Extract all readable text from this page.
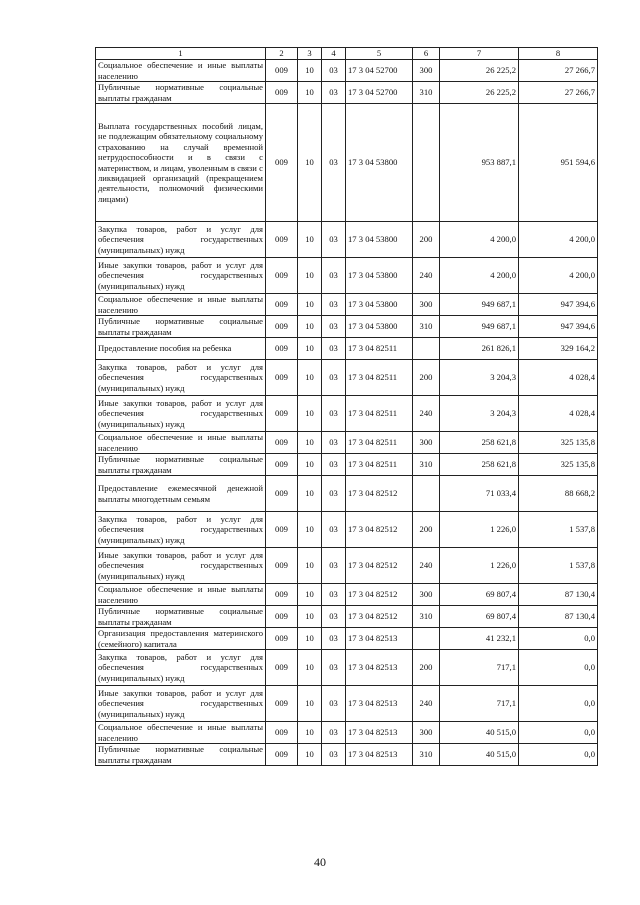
1	2	3	4	5	6	7	8
Социальное обеспечение и иные выплаты населению	009	10	03	17 3 04 52700	300	26 225,2	27 266,7
Публичные нормативные социальные выплаты гражданам	009	10	03	17 3 04 52700	310	26 225,2	27 266,7
Выплата государственных пособий лицам, не подлежащим обязательному социальному страхованию на случай временной нетрудоспособности и в связи с материнством, и лицам, уволенным в связи с ликвидацией организаций (прекращением деятельности, полномочий физическими лицами)	009	10	03	17 3 04 53800		953 887,1	951 594,6
Закупка товаров, работ и услуг для обеспечения государственных (муниципальных) нужд	009	10	03	17 3 04 53800	200	4 200,0	4 200,0
Иные закупки товаров, работ и услуг для обеспечения государственных (муниципальных) нужд	009	10	03	17 3 04 53800	240	4 200,0	4 200,0
Социальное обеспечение и иные выплаты населению	009	10	03	17 3 04 53800	300	949 687,1	947 394,6
Публичные нормативные социальные выплаты гражданам	009	10	03	17 3 04 53800	310	949 687,1	947 394,6
Предоставление пособия на ребенка	009	10	03	17 3 04 82511		261 826,1	329 164,2
Закупка товаров, работ и услуг для обеспечения государственных (муниципальных) нужд	009	10	03	17 3 04 82511	200	3 204,3	4 028,4
Иные закупки товаров, работ и услуг для обеспечения государственных (муниципальных) нужд	009	10	03	17 3 04 82511	240	3 204,3	4 028,4
Социальное обеспечение и иные выплаты населению	009	10	03	17 3 04 82511	300	258 621,8	325 135,8
Публичные нормативные социальные выплаты гражданам	009	10	03	17 3 04 82511	310	258 621,8	325 135,8
Предоставление ежемесячной денежной выплаты многодетным семьям	009	10	03	17 3 04 82512		71 033,4	88 668,2
Закупка товаров, работ и услуг для обеспечения государственных (муниципальных) нужд	009	10	03	17 3 04 82512	200	1 226,0	1 537,8
Иные закупки товаров, работ и услуг для обеспечения государственных (муниципальных) нужд	009	10	03	17 3 04 82512	240	1 226,0	1 537,8
Социальное обеспечение и иные выплаты населению	009	10	03	17 3 04 82512	300	69 807,4	87 130,4
Публичные нормативные социальные выплаты гражданам	009	10	03	17 3 04 82512	310	69 807,4	87 130,4
Организация предоставления материнского (семейного) капитала	009	10	03	17 3 04 82513		41 232,1	0,0
Закупка товаров, работ и услуг для обеспечения государственных (муниципальных) нужд	009	10	03	17 3 04 82513	200	717,1	0,0
Иные закупки товаров, работ и услуг для обеспечения государственных (муниципальных) нужд	009	10	03	17 3 04 82513	240	717,1	0,0
Социальное обеспечение и иные выплаты населению	009	10	03	17 3 04 82513	300	40 515,0	0,0
Публичные нормативные социальные выплаты гражданам	009	10	03	17 3 04 82513	310	40 515,0	0,0
40
